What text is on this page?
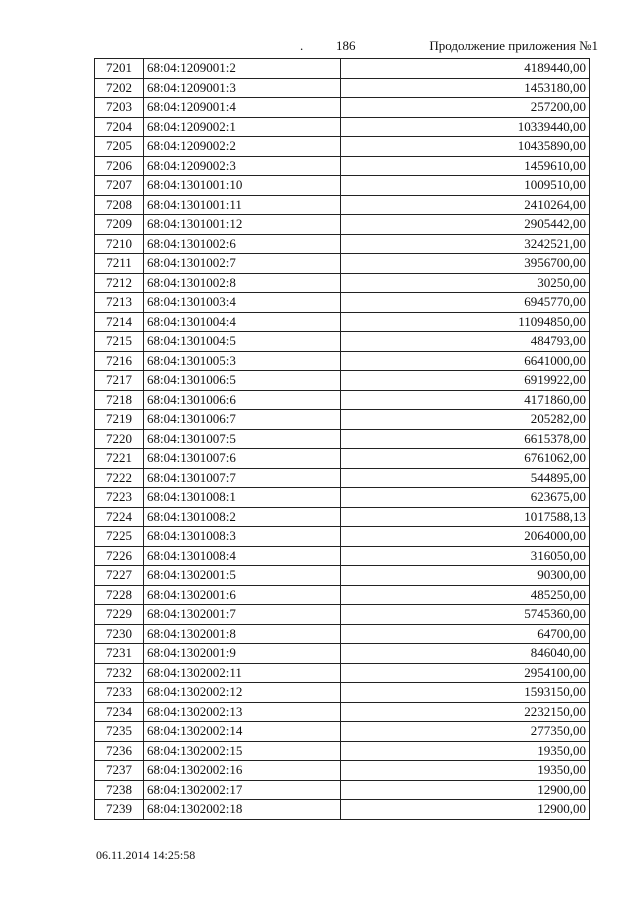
.	186	Продолжение приложения №1
7201	68:04:1209001:2	4189440,00
7202	68:04:1209001:3	1453180,00
7203	68:04:1209001:4	257200,00
7204	68:04:1209002:1	10339440,00
7205	68:04:1209002:2	10435890,00
7206	68:04:1209002:3	1459610,00
7207	68:04:1301001:10	1009510,00
7208	68:04:1301001:11	2410264,00
7209	68:04:1301001:12	2905442,00
7210	68:04:1301002:6	3242521,00
7211	68:04:1301002:7	3956700,00
7212	68:04:1301002:8	30250,00
7213	68:04:1301003:4	6945770,00
7214	68:04:1301004:4	11094850,00
7215	68:04:1301004:5	484793,00
7216	68:04:1301005:3	6641000,00
7217	68:04:1301006:5	6919922,00
7218	68:04:1301006:6	4171860,00
7219	68:04:1301006:7	205282,00
7220	68:04:1301007:5	6615378,00
7221	68:04:1301007:6	6761062,00
7222	68:04:1301007:7	544895,00
7223	68:04:1301008:1	623675,00
7224	68:04:1301008:2	1017588,13
7225	68:04:1301008:3	2064000,00
7226	68:04:1301008:4	316050,00
7227	68:04:1302001:5	90300,00
7228	68:04:1302001:6	485250,00
7229	68:04:1302001:7	5745360,00
7230	68:04:1302001:8	64700,00
7231	68:04:1302001:9	846040,00
7232	68:04:1302002:11	2954100,00
7233	68:04:1302002:12	1593150,00
7234	68:04:1302002:13	2232150,00
7235	68:04:1302002:14	277350,00
7236	68:04:1302002:15	19350,00
7237	68:04:1302002:16	19350,00
7238	68:04:1302002:17	12900,00
7239	68:04:1302002:18	12900,00
06.11.2014 14:25:58
